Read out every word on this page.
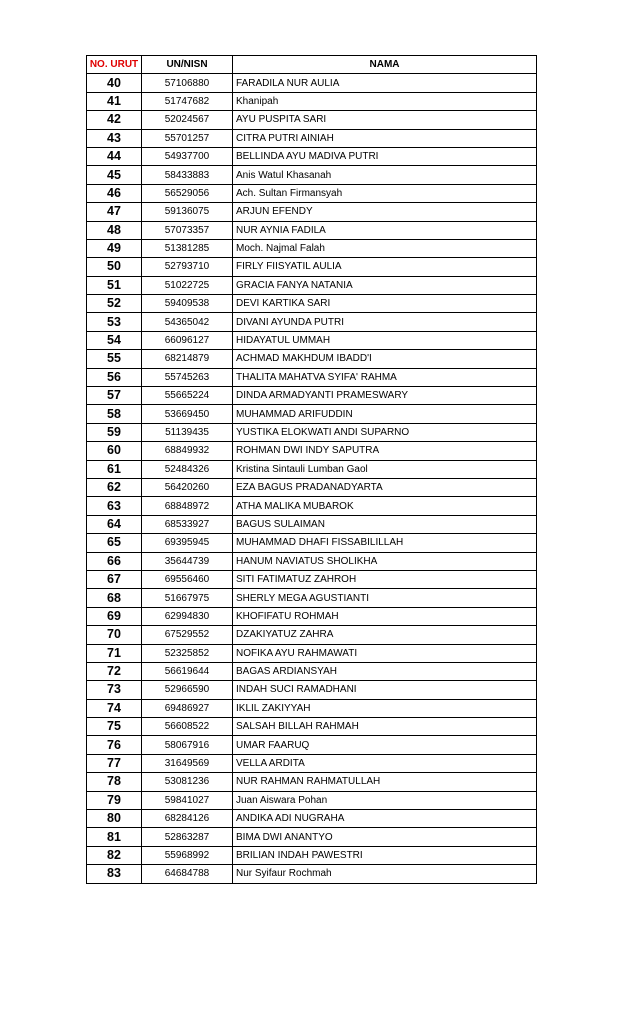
NO. URUT	UN/NISN	NAMA
40	57106880	FARADILA NUR AULIA
41	51747682	Khanipah
42	52024567	AYU PUSPITA SARI
43	55701257	CITRA PUTRI AINIAH
44	54937700	BELLINDA AYU MADIVA PUTRI
45	58433883	Anis Watul Khasanah
46	56529056	Ach. Sultan Firmansyah
47	59136075	ARJUN EFENDY
48	57073357	NUR AYNIA FADILA
49	51381285	Moch. Najmal Falah
50	52793710	FIRLY FIISYATIL AULIA
51	51022725	GRACIA FANYA NATANIA
52	59409538	DEVI KARTIKA SARI
53	54365042	DIVANI AYUNDA PUTRI
54	66096127	HIDAYATUL UMMAH
55	68214879	ACHMAD MAKHDUM IBADD'I
56	55745263	THALITA MAHATVA SYIFA' RAHMA
57	55665224	DINDA ARMADYANTI PRAMESWARY
58	53669450	MUHAMMAD ARIFUDDIN
59	51139435	YUSTIKA ELOKWATI ANDI SUPARNO
60	68849932	ROHMAN DWI INDY SAPUTRA
61	52484326	Kristina Sintauli Lumban Gaol
62	56420260	EZA BAGUS PRADANADYARTA
63	68848972	ATHA MALIKA MUBAROK
64	68533927	BAGUS SULAIMAN
65	69395945	MUHAMMAD DHAFI FISSABILILLAH
66	35644739	HANUM NAVIATUS SHOLIKHA
67	69556460	SITI FATIMATUZ ZAHROH
68	51667975	SHERLY MEGA AGUSTIANTI
69	62994830	KHOFIFATU ROHMAH
70	67529552	DZAKIYATUZ ZAHRA
71	52325852	NOFIKA AYU RAHMAWATI
72	56619644	BAGAS ARDIANSYAH
73	52966590	INDAH SUCI RAMADHANI
74	69486927	IKLIL ZAKIYYAH
75	56608522	SALSAH BILLAH RAHMAH
76	58067916	UMAR FAARUQ
77	31649569	VELLA ARDITA
78	53081236	NUR RAHMAN RAHMATULLAH
79	59841027	Juan Aiswara Pohan
80	68284126	ANDIKA ADI NUGRAHA
81	52863287	BIMA DWI ANANTYO
82	55968992	BRILIAN INDAH PAWESTRI
83	64684788	Nur Syifaur Rochmah
